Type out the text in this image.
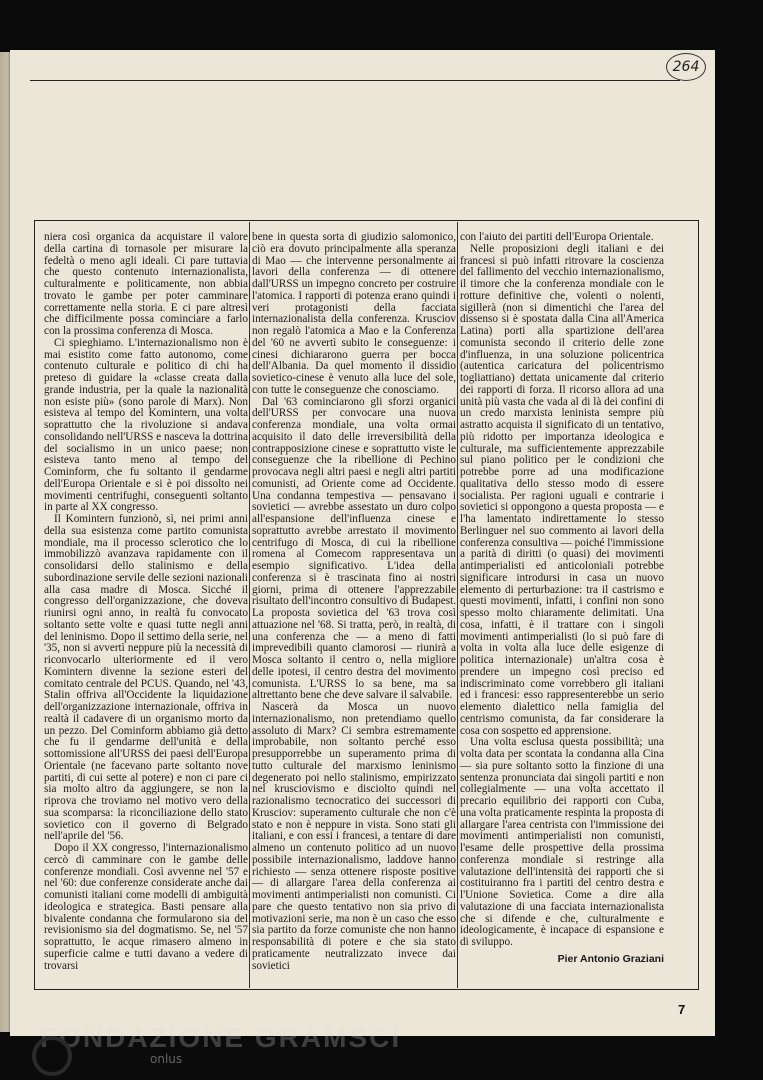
264

niera così organica da acquistare il valore della cartina di tornasole per misurare la fedeltà o meno agli ideali. Ci pare tuttavia che questo contenuto internazionalista, culturalmente e politicamente, non abbia trovato le gambe per poter camminare correttamente nella storia. E ci pare altresì che difficilmente possa cominciare a farlo con la prossima conferenza di Mosca.

Ci spieghiamo. L'internazionalismo non è mai esistito come fatto autonomo, come contenuto culturale e politico di chi ha preteso di guidare la «classe creata dalla grande industria, per la quale la nazionalità non esiste più» (sono parole di Marx). Non esisteva al tempo del Komintern, una volta soprattutto che la rivoluzione si andava consolidando nell'URSS e nasceva la dottrina del socialismo in un unico paese; non esisteva tanto meno al tempo del Cominform, che fu soltanto il gendarme dell'Europa Orientale e si è poi dissolto nei movimenti centrifughi, conseguenti soltanto in parte al XX congresso.

Il Komintern funzionò, sì, nei primi anni della sua esistenza come partito comunista mondiale, ma il processo sclerotico che lo immobilizzò avanzava rapidamente con il consolidarsi dello stalinismo e della subordinazione servile delle sezioni nazionali alla casa madre di Mosca. Sicché il congresso dell'organizzazione, che doveva riunirsi ogni anno, in realtà fu convocato soltanto sette volte e quasi tutte negli anni del leninismo. Dopo il settimo della serie, nel '35, non si avvertì neppure più la necessità di riconvocarlo ulteriormente ed il vero Komintern divenne la sezione esteri del comitato centrale del PCUS. Quando, nel '43, Stalin offriva all'Occidente la liquidazione dell'organizzazione internazionale, offriva in realtà il cadavere di un organismo morto da un pezzo. Del Cominform abbiamo già detto che fu il gendarme dell'unità e della sottomissione all'URSS dei paesi dell'Europa Orientale (ne facevano parte soltanto nove partiti, di cui sette al potere) e non ci pare ci sia molto altro da aggiungere, se non la riprova che troviamo nel motivo vero della sua scomparsa: la riconciliazione dello stato sovietico con il governo di Belgrado nell'aprile del '56.

Dopo il XX congresso, l'internazionalismo cercò di camminare con le gambe delle conferenze mondiali. Così avvenne nel '57 e nel '60: due conferenze considerate anche dai comunisti italiani come modelli di ambiguità ideologica e strategica. Basti pensare alla bivalente condanna che formularono sia del revisionismo sia del dogmatismo. Se, nel '57 soprattutto, le acque rimasero almeno in superficie calme e tutti davano a vedere di trovarsi

bene in questa sorta di giudizio salomonico, ciò era dovuto principalmente alla speranza di Mao — che intervenne personalmente ai lavori della conferenza — di ottenere dall'URSS un impegno concreto per costruire l'atomica. I rapporti di potenza erano quindi i veri protagonisti della facciata internazionalista della conferenza. Krusciov non regalò l'atomica a Mao e la Conferenza del '60 ne avvertì subito le conseguenze: i cinesi dichiararono guerra per bocca dell'Albania. Da quel momento il dissidio sovietico-cinese è venuto alla luce del sole, con tutte le conseguenze che conosciamo.

Dal '63 cominciarono gli sforzi organici dell'URSS per convocare una nuova conferenza mondiale, una volta ormai acquisito il dato delle irreversibilità della contrapposizione cinese e soprattutto viste le conseguenze che la ribellione di Pechino provocava negli altri paesi e negli altri partiti comunisti, ad Oriente come ad Occidente. Una condanna tempestiva — pensavano i sovietici — avrebbe assestato un duro colpo all'espansione dell'influenza cinese e soprattutto avrebbe arrestato il movimento centrifugo di Mosca, di cui la ribellione romena al Comecom rappresentava un esempio significativo. L'idea della conferenza si è trascinata fino ai nostri giorni, prima di ottenere l'apprezzabile risultato dell'incontro consultivo di Budapest. La proposta sovietica del '63 trova così attuazione nel '68. Si tratta, però, in realtà, di una conferenza che — a meno di fatti imprevedibili quanto clamorosi — riunirà a Mosca soltanto il centro o, nella migliore delle ipotesi, il centro destra del movimento comunista. L'URSS lo sa bene, ma sa altrettanto bene che deve salvare il salvabile.

Nascerà da Mosca un nuovo internazionalismo, non pretendiamo quello assoluto di Marx? Ci sembra estremamente improbabile, non soltanto perché esso presupporrebbe un superamento prima di tutto culturale del marxismo leninismo degenerato poi nello stalinismo, empirizzato nel krusciovismo e disciolto quindi nel razionalismo tecnocratico dei successori di Krusciov: superamento culturale che non c'è stato e non è neppure in vista. Sono stati gli italiani, e con essi i francesi, a tentare di dare almeno un contenuto politico ad un nuovo possibile internazionalismo, laddove hanno richiesto — senza ottenere risposte positive — di allargare l'area della conferenza ai movimenti antimperialisti non comunisti. Ci pare che questo tentativo non sia privo di motivazioni serie, ma non è un caso che esso sia partito da forze comuniste che non hanno responsabilità di potere e che sia stato praticamente neutralizzato invece dai sovietici

con l'aiuto dei partiti dell'Europa Orientale.

Nelle proposizioni degli italiani e dei francesi si può infatti ritrovare la coscienza del fallimento del vecchio internazionalismo, il timore che la conferenza mondiale con le rotture definitive che, volenti o nolenti, sigillerà (non si dimentichi che l'area del dissenso si è spostata dalla Cina all'America Latina) porti alla spartizione dell'area comunista secondo il criterio delle zone d'influenza, in una soluzione policentrica (autentica caricatura del policentrismo togliattiano) dettata unicamente dal criterio dei rapporti di forza. Il ricorso allora ad una unità più vasta che vada al di là dei confini di un credo marxista leninista sempre più astratto acquista il significato di un tentativo, più ridotto per importanza ideologica e culturale, ma sufficientemente apprezzabile sul piano politico per le condizioni che potrebbe porre ad una modificazione qualitativa dello stesso modo di essere socialista. Per ragioni uguali e contrarie i sovietici si oppongono a questa proposta — e l'ha lamentato indirettamente lo stesso Berlinguer nel suo commento ai lavori della conferenza consultiva — poiché l'immissione a parità di diritti (o quasi) dei movimenti antimperialisti ed anticoloniali potrebbe significare introdursi in casa un nuovo elemento di perturbazione: tra il castrismo e questi movimenti, infatti, i confini non sono spesso molto chiaramente delimitati. Una cosa, infatti, è il trattare con i singoli movimenti antimperialisti (lo si può fare di volta in volta alla luce delle esigenze di politica internazionale) un'altra cosa è prendere un impegno così preciso ed indiscriminato come vorrebbero gli italiani ed i francesi: esso rappresenterebbe un serio elemento dialettico nella famiglia del centrismo comunista, da far considerare la cosa con sospetto ed apprensione.

Una volta esclusa questa possibilità; una volta data per scontata la condanna alla Cina — sia pure soltanto sotto la finzione di una sentenza pronunciata dai singoli partiti e non collegialmente — una volta accettato il precario equilibrio dei rapporti con Cuba, una volta praticamente respinta la proposta di allargare l'area centrista con l'immissione dei movimenti antimperialisti non comunisti, l'esame delle prospettive della prossima conferenza mondiale si restringe alla valutazione dell'intensità dei rapporti che si costituiranno fra i partiti del centro destra e l'Unione Sovietica. Come a dire alla valutazione di una facciata internazionalista che si difende e che, culturalmente e ideologicamente, è incapace di espansione e di sviluppo.

Pier Antonio Graziani
7
FONDAZIONE GRAMSCI
onlus
